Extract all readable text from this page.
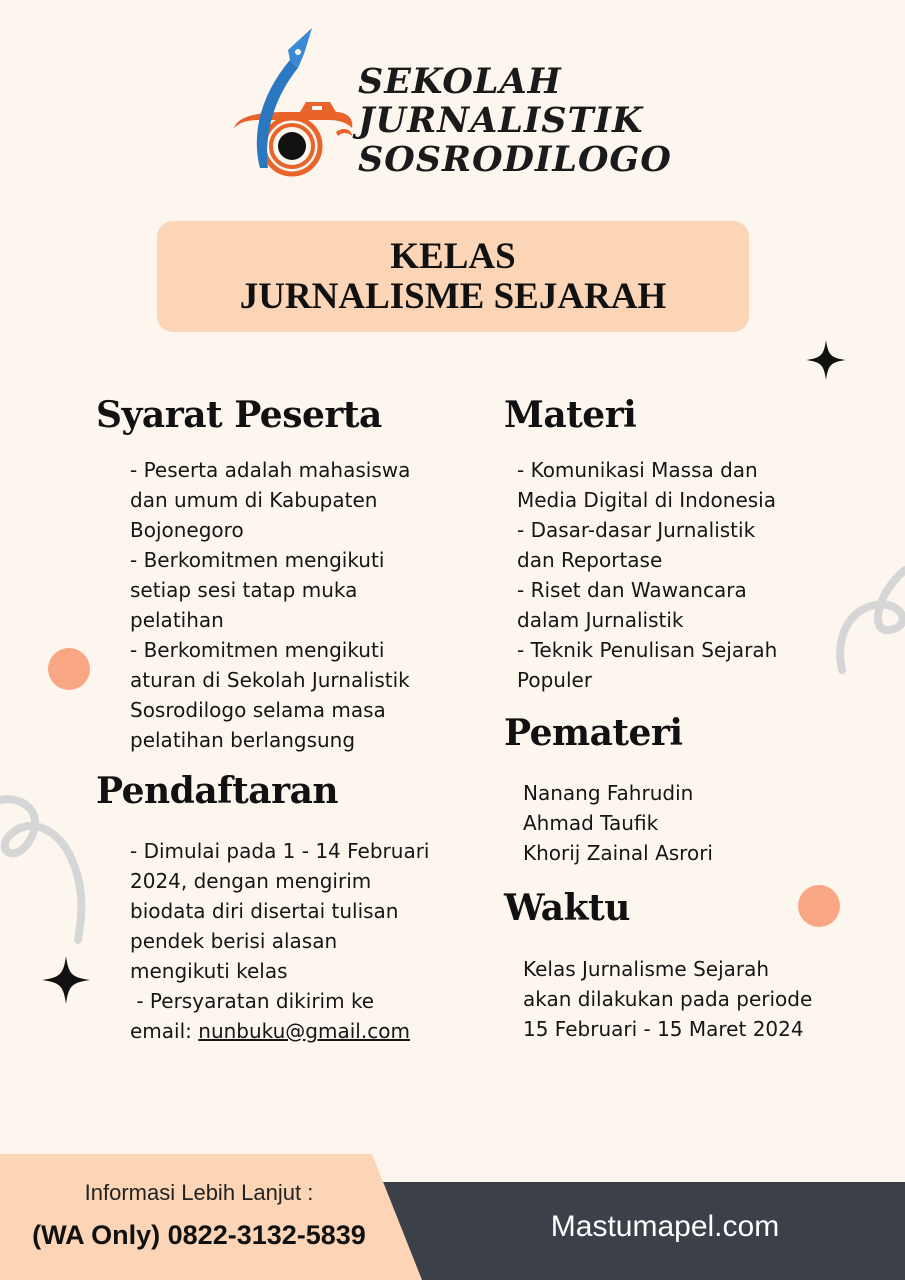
SEKOLAH
JURNALISTIK
SOSRODILOGO
KELAS
JURNALISME SEJARAH
Syarat Peserta
- Peserta adalah mahasiswa
dan umum di Kabupaten
Bojonegoro
- Berkomitmen mengikuti
setiap sesi tatap muka
pelatihan
- Berkomitmen mengikuti
aturan di Sekolah Jurnalistik
Sosrodilogo selama masa
pelatihan berlangsung
Pendaftaran
- Dimulai pada 1 - 14 Februari
2024, dengan mengirim
biodata diri disertai tulisan
pendek berisi alasan
mengikuti kelas
- Persyaratan dikirim ke
email: nunbuku@gmail.com
Materi
- Komunikasi Massa dan
Media Digital di Indonesia
- Dasar-dasar Jurnalistik
dan Reportase
- Riset dan Wawancara
dalam Jurnalistik
- Teknik Penulisan Sejarah
Populer
Pemateri
Nanang Fahrudin
Ahmad Taufik
Khorij Zainal Asrori
Waktu
Kelas Jurnalisme Sejarah
akan dilakukan pada periode
15 Februari - 15 Maret 2024
Informasi Lebih Lanjut :
(WA Only) 0822-3132-5839	Mastumapel.com
